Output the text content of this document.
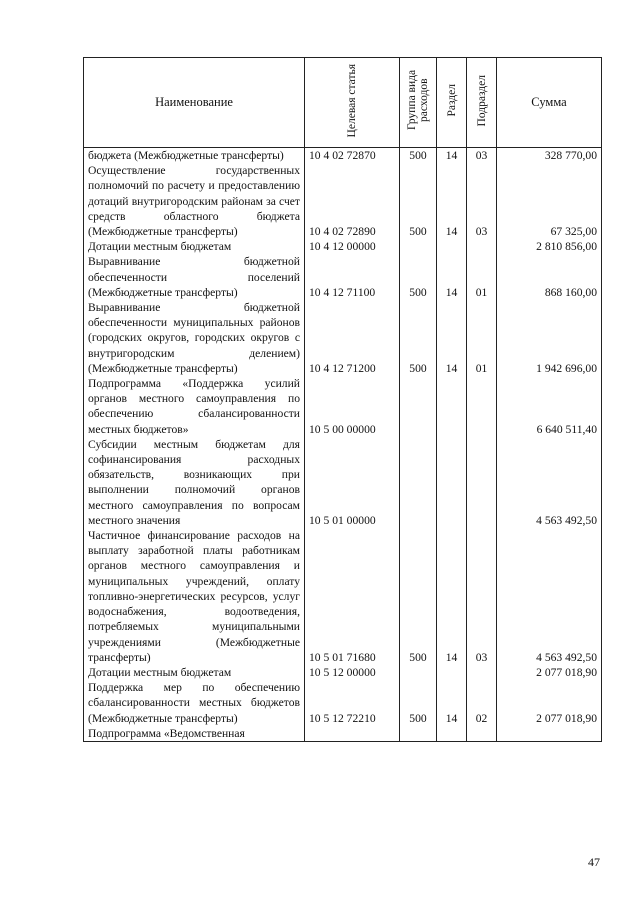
Наименование	Целевая статья	Группа вида расходов	Раздел	Подраздел	Сумма
бюджета (Межбюджетные трансферты)	10 4 02 72870	500	14	03	328 770,00
Осуществление государственных полномочий по расчету и предоставлению дотаций внутригородским районам за счет средств областного бюджета (Межбюджетные трансферты)	10 4 02 72890	500	14	03	67 325,00
Дотации местным бюджетам	10 4 12 00000				2 810 856,00
Выравнивание бюджетной обеспеченности поселений (Межбюджетные трансферты)	10 4 12 71100	500	14	01	868 160,00
Выравнивание бюджетной обеспеченности муниципальных районов (городских округов, городских округов с внутригородским делением) (Межбюджетные трансферты)	10 4 12 71200	500	14	01	1 942 696,00
Подпрограмма «Поддержка усилий органов местного самоуправления по обеспечению сбалансированности местных бюджетов»	10 5 00 00000				6 640 511,40
Субсидии местным бюджетам для софинансирования расходных обязательств, возникающих при выполнении полномочий органов местного самоуправления по вопросам местного значения	10 5 01 00000				4 563 492,50
Частичное финансирование расходов на выплату заработной платы работникам органов местного самоуправления и муниципальных учреждений, оплату топливно-энергетических ресурсов, услуг водоснабжения, водоотведения, потребляемых муниципальными учреждениями (Межбюджетные трансферты)	10 5 01 71680	500	14	03	4 563 492,50
Дотации местным бюджетам	10 5 12 00000				2 077 018,90
Поддержка мер по обеспечению сбалансированности местных бюджетов (Межбюджетные трансферты)	10 5 12 72210	500	14	02	2 077 018,90
Подпрограмма «Ведомственная					
47
